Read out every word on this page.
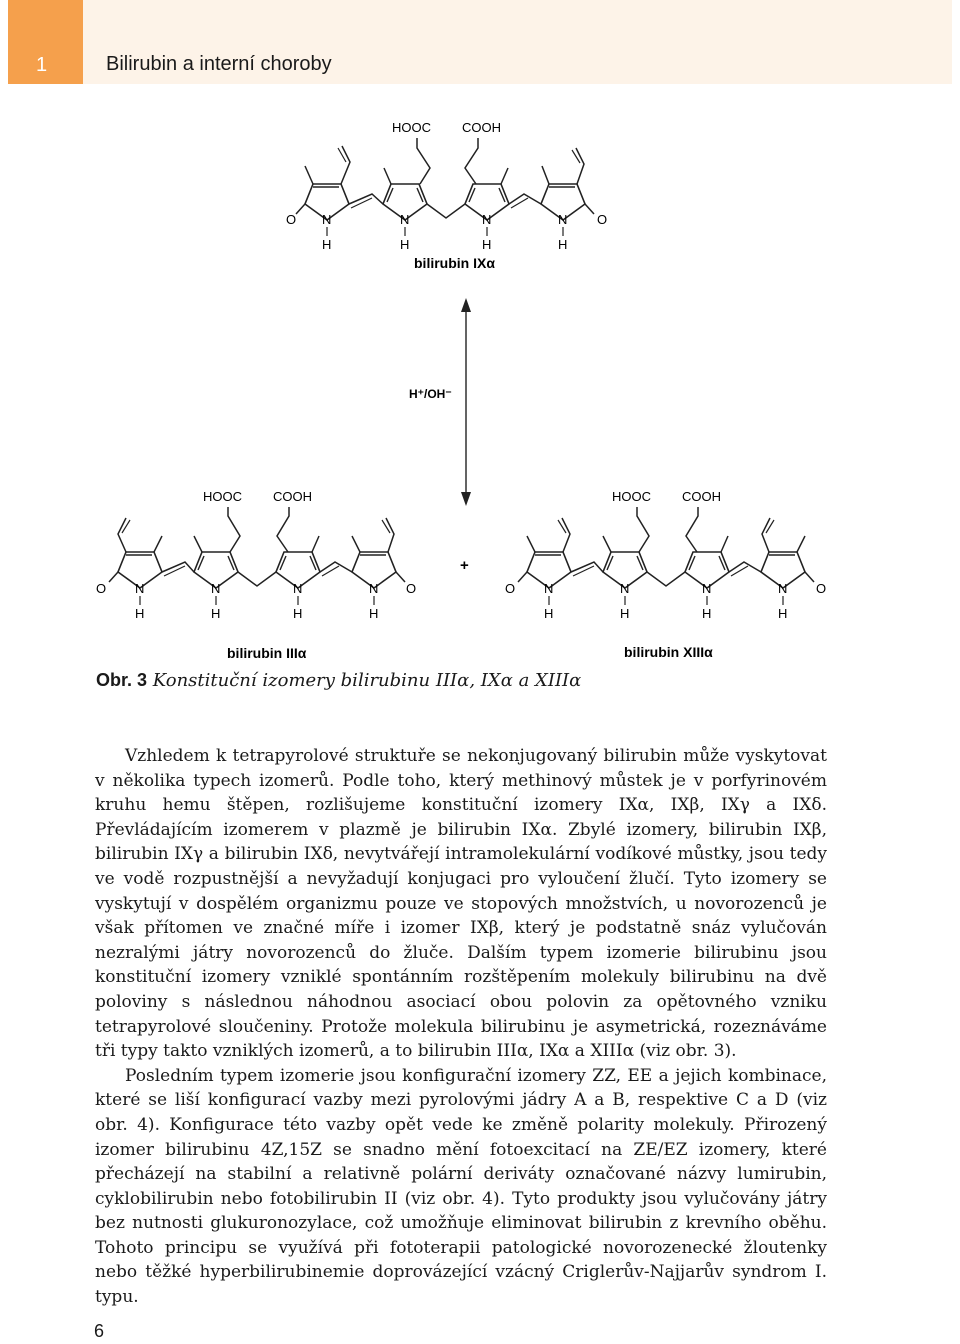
1	Bilirubin a interní choroby
HOOC COOH
O	O
N	N	N	N
H	H	H	H
bilirubin IXα
H⁺/OH⁻
HOOC COOH
O	O
N	N	N	N
H	H	H	H
bilirubin IIIα
+
HOOC COOH
O	O
N	N	N	N
H	H	H	H
bilirubin XIIIα
Obr. 3 Konstituční izomery bilirubinu IIIα, IXα a XIIIα

Vzhledem k tetrapyrolové struktuře se nekonjugovaný bilirubin může vyskytovat v několika typech izomerů. Podle toho, který methinový můstek je v porfyrinovém kruhu hemu štěpen, rozlišujeme konstituční izomery IXα, IXβ, IXγ a IXδ. Převládajícím izomerem v plazmě je bilirubin IXα. Zbylé izomery, bilirubin IXβ, bilirubin IXγ a bilirubin IXδ, nevytvářejí intramolekulární vodíkové můstky, jsou tedy ve vodě rozpustnější a nevyžadují konjugaci pro vyloučení žlučí. Tyto izomery se vyskytují v dospělém organizmu pouze ve stopových množstvích, u novorozenců je však přítomen ve značné míře i izomer IXβ, který je podstatně snáz vylučován nezralými játry novorozenců do žluče. Dalším typem izomerie bilirubinu jsou konstituční izomery vzniklé spontánním rozštěpením molekuly bilirubinu na dvě poloviny s následnou náhodnou asociací obou polovin za opětovného vzniku tetrapyrolové sloučeniny. Protože molekula bilirubinu je asymetrická, rozeznáváme tři typy takto vzniklých izomerů, a to bilirubin IIIα, IXα a XIIIα (viz obr. 3).

Posledním typem izomerie jsou konfigurační izomery ZZ, EE a jejich kombinace, které se liší konfigurací vazby mezi pyrolovými jádry A a B, respektive C a D (viz obr. 4). Konfigurace této vazby opět vede ke změně polarity molekuly. Přirozený izomer bilirubinu 4Z,15Z se snadno mění fotoexcitací na ZE/EZ izomery, které přecházejí na stabilní a relativně polární deriváty označované názvy lumirubin, cyklobilirubin nebo fotobilirubin II (viz obr. 4). Tyto produkty jsou vylučovány játry bez nutnosti glukuronozylace, což umožňuje eliminovat bilirubin z krevního oběhu. Tohoto principu se využívá při fototerapii patologické novorozenecké žloutenky nebo těžké hyperbilirubinemie doprovázející vzácný Criglerův-Najjarův syndrom I. typu.

6
